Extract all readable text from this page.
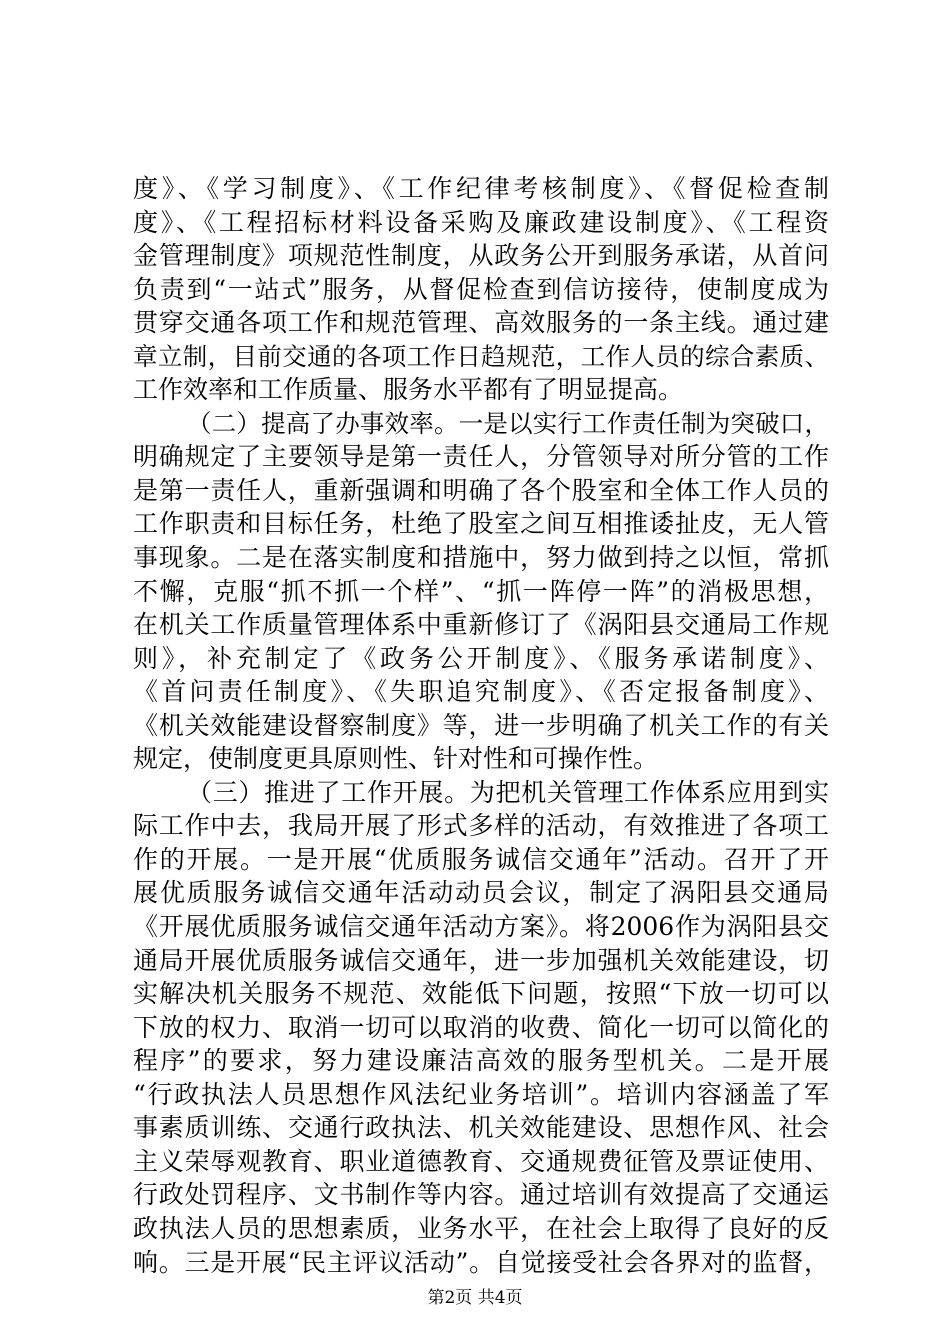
度》、《学习制度》、《工作纪律考核制度》、《督促检查制
度》、《工程招标材料设备采购及廉政建设制度》、《工程资
金管理制度》项规范性制度，从政务公开到服务承诺，从首问
负责到“一站式”服务，从督促检查到信访接待，使制度成为
贯穿交通各项工作和规范管理、高效服务的一条主线。通过建
章立制，目前交通的各项工作日趋规范，工作人员的综合素质、
工作效率和工作质量、服务水平都有了明显提高。
（二）提高了办事效率。一是以实行工作责任制为突破口，
明确规定了主要领导是第一责任人，分管领导对所分管的工作
是第一责任人，重新强调和明确了各个股室和全体工作人员的
工作职责和目标任务，杜绝了股室之间互相推诿扯皮，无人管
事现象。二是在落实制度和措施中，努力做到持之以恒，常抓
不懈，克服“抓不抓一个样”、“抓一阵停一阵”的消极思想，
在机关工作质量管理体系中重新修订了《涡阳县交通局工作规
则》，补充制定了《政务公开制度》、《服务承诺制度》、
《首问责任制度》、《失职追究制度》、《否定报备制度》、
《机关效能建设督察制度》等，进一步明确了机关工作的有关
规定，使制度更具原则性、针对性和可操作性。
（三）推进了工作开展。为把机关管理工作体系应用到实
际工作中去，我局开展了形式多样的活动，有效推进了各项工
作的开展。一是开展“优质服务诚信交通年”活动。召开了开
展优质服务诚信交通年活动动员会议，制定了涡阳县交通局
《开展优质服务诚信交通年活动方案》。将2006作为涡阳县交
通局开展优质服务诚信交通年，进一步加强机关效能建设，切
实解决机关服务不规范、效能低下问题，按照“下放一切可以
下放的权力、取消一切可以取消的收费、简化一切可以简化的
程序”的要求，努力建设廉洁高效的服务型机关。二是开展
“行政执法人员思想作风法纪业务培训”。培训内容涵盖了军
事素质训练、交通行政执法、机关效能建设、思想作风、社会
主义荣辱观教育、职业道德教育、交通规费征管及票证使用、
行政处罚程序、文书制作等内容。通过培训有效提高了交通运
政执法人员的思想素质，业务水平，在社会上取得了良好的反
响。三是开展“民主评议活动”。自觉接受社会各界对的监督，
第2页 共4页
